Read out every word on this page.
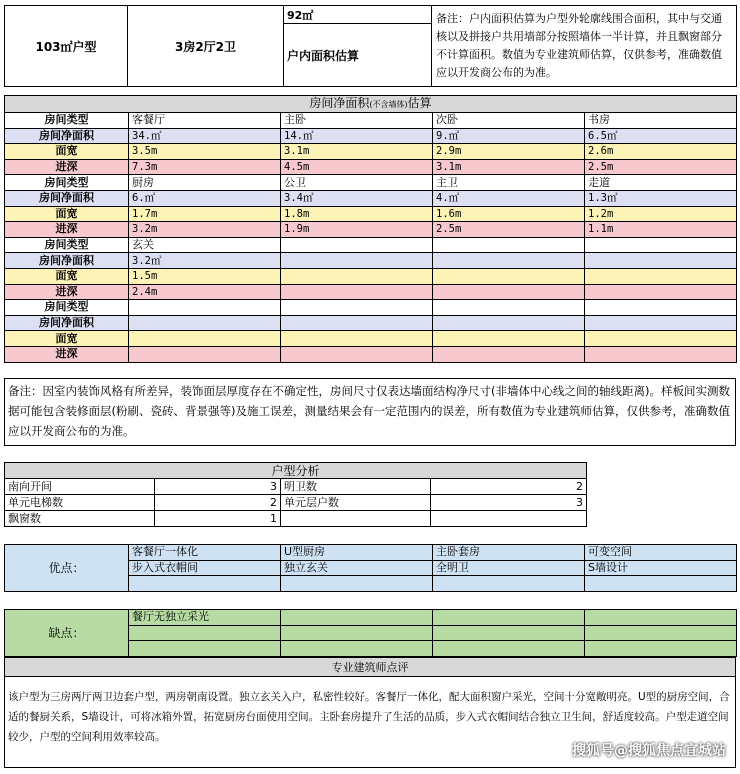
103㎡户型	3房2厅2卫	92㎡	备注：户内面积估算为户型外轮廓线围合面积，其中与交通核以及拼接户共用墙部分按照墙体一半计算，并且飘窗部分不计算面积。数值为专业建筑师估算，仅供参考，准确数值应以开发商公布的为准。
户内面积估算
房间净面积(不含墙体)估算				
房间类型	客餐厅	主卧	次卧	书房
房间净面积	34.㎡	14.㎡	9.㎡	6.5㎡
面宽	3.5m	3.1m	2.9m	2.6m
进深	7.3m	4.5m	3.1m	2.5m
房间类型	厨房	公卫	主卫	走道
房间净面积	6.㎡	3.4㎡	4.㎡	1.3㎡
面宽	1.7m	1.8m	1.6m	1.2m
进深	3.2m	1.9m	2.5m	1.1m
房间类型	玄关			
房间净面积	3.2㎡			
面宽	1.5m			
进深	2.4m			
房间类型				
房间净面积				
面宽				
进深				
备注：因室内装饰风格有所差异，装饰面层厚度存在不确定性，房间尺寸仅表达墙面结构净尺寸(非墙体中心线之间的轴线距离)。样板间实测数据可能包含装修面层(粉刷、瓷砖、背景强等)及施工误差，测量结果会有一定范围内的误差，所有数值为专业建筑师估算，仅供参考，准确数值应以开发商公布的为准。
户型分析			
南向开间	3	明卫数	2
单元电梯数	2	单元层户数	3
飘窗数	1		
优点：	客餐厅一体化	U型厨房	主卧套房	可变空间
	步入式衣帽间	独立玄关	全明卫	S墙设计

缺点：	餐厅无独立采光			

专业建筑师点评
该户型为三房两厅两卫边套户型，两房朝南设置。独立玄关入户，私密性较好。客餐厅一体化，配大面积窗户采光，空间十分宽敞明亮。U型的厨房空间，合适的餐厨关系，S墙设计，可将冰箱外置，拓宽厨房台面使用空间。主卧套房提升了生活的品质，步入式衣帽间结合独立卫生间，舒适度较高。户型走道空间较少，户型的空间利用效率较高。
搜狐号@搜狐焦点宜城站
